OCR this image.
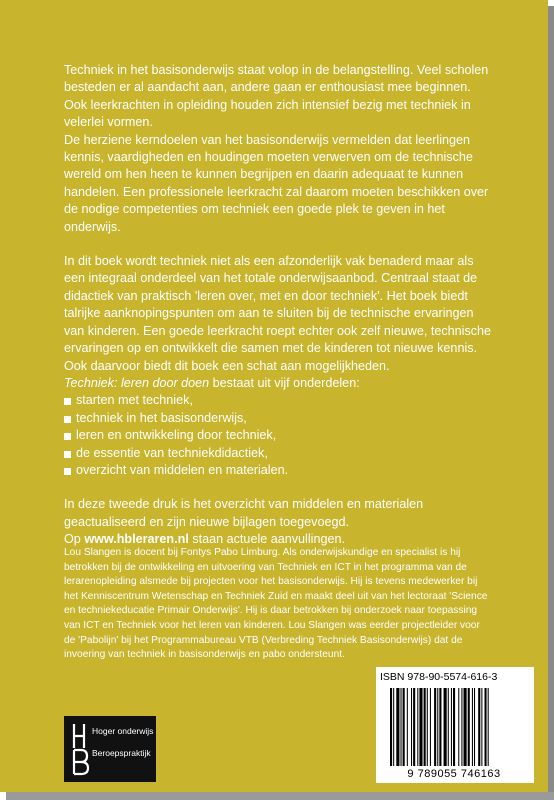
Techniek in het basisonderwijs staat volop in de belangstelling. Veel scholen besteden er al aandacht aan, andere gaan er enthousiast mee beginnen.

Ook leerkrachten in opleiding houden zich intensief bezig met techniek in velerlei vormen.

De herziene kerndoelen van het basisonderwijs vermelden dat leerlingen kennis, vaardigheden en houdingen moeten verwerven om de technische wereld om hen heen te kunnen begrijpen en daarin adequaat te kunnen handelen. Een professionele leerkracht zal daarom moeten beschikken over de nodige competenties om techniek een goede plek te geven in het onderwijs.

In dit boek wordt techniek niet als een afzonderlijk vak benaderd maar als een integraal onderdeel van het totale onderwijsaanbod. Centraal staat de didactiek van praktisch 'leren over, met en door techniek'. Het boek biedt talrijke aanknopingspunten om aan te sluiten bij de technische ervaringen van kinderen. Een goede leerkracht roept echter ook zelf nieuwe, technische ervaringen op en ontwikkelt die samen met de kinderen tot nieuwe kennis.

Ook daarvoor biedt dit boek een schat aan mogelijkheden.

Techniek: leren door doen bestaat uit vijf onderdelen:

starten met techniek,
techniek in het basisonderwijs,
leren en ontwikkeling door techniek,
de essentie van techniekdidactiek,
overzicht van middelen en materialen.

In deze tweede druk is het overzicht van middelen en materialen geactualiseerd en zijn nieuwe bijlagen toegevoegd.

Op www.hbleraren.nl staan actuele aanvullingen.

Lou Slangen is docent bij Fontys Pabo Limburg. Als onderwijskundige en specialist is hij betrokken bij de ontwikkeling en uitvoering van Techniek en ICT in het programma van de lerarenopleiding alsmede bij projecten voor het basisonderwijs. Hij is tevens medewerker bij het Kenniscentrum Wetenschap en Techniek Zuid en maakt deel uit van het lectoraat 'Science en techniekeducatie Primair Onderwijs'. Hij is daar betrokken bij onderzoek naar toepassing van ICT en Techniek voor het leren van kinderen. Lou Slangen was eerder projectleider voor de 'Pabolijn' bij het Programmabureau VTB (Verbreding Techniek Basisonderwijs) dat de invoering van techniek in basisonderwijs en pabo ondersteunt.
Hoger onderwijs
Beroepspraktijk
ISBN 978-90-5574-616-3
9 789055 746163
